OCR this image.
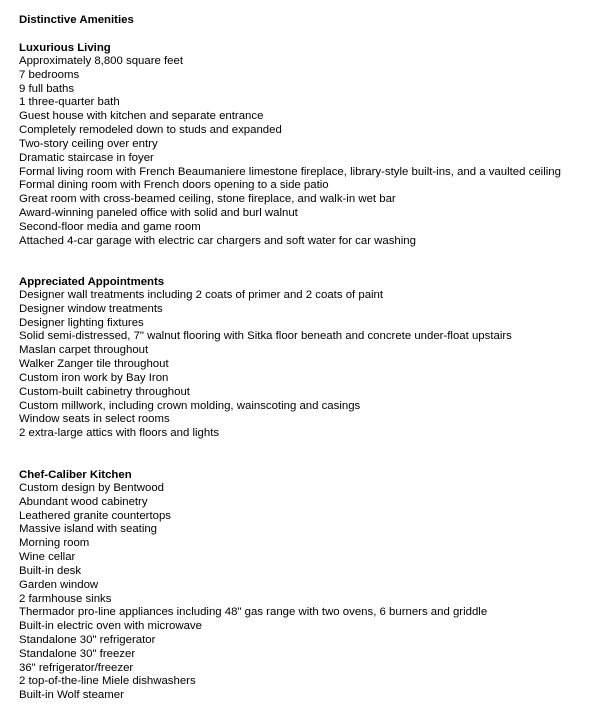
Distinctive Amenities
Luxurious Living
Approximately 8,800 square feet
7 bedrooms
9 full baths
1 three-quarter bath
Guest house with kitchen and separate entrance
Completely remodeled down to studs and expanded
Two-story ceiling over entry
Dramatic staircase in foyer
Formal living room with French Beaumaniere limestone fireplace, library-style built-ins, and a vaulted ceiling
Formal dining room with French doors opening to a side patio
Great room with cross-beamed ceiling, stone fireplace, and walk-in wet bar
Award-winning paneled office with solid and burl walnut
Second-floor media and game room
Attached 4-car garage with electric car chargers and soft water for car washing
Appreciated Appointments
Designer wall treatments including 2 coats of primer and 2 coats of paint
Designer window treatments
Designer lighting fixtures
Solid semi-distressed, 7" walnut flooring with Sitka floor beneath and concrete under-float upstairs
Maslan carpet throughout
Walker Zanger tile throughout
Custom iron work by Bay Iron
Custom-built cabinetry throughout
Custom millwork, including crown molding, wainscoting and casings
Window seats in select rooms
2 extra-large attics with floors and lights
Chef-Caliber Kitchen
Custom design by Bentwood
Abundant wood cabinetry
Leathered granite countertops
Massive island with seating
Morning room
Wine cellar
Built-in desk
Garden window
2 farmhouse sinks
Thermador pro-line appliances including 48" gas range with two ovens, 6 burners and griddle
Built-in electric oven with microwave
Standalone 30" refrigerator
Standalone 30" freezer
36" refrigerator/freezer
2 top-of-the-line Miele dishwashers
Built-in Wolf steamer
